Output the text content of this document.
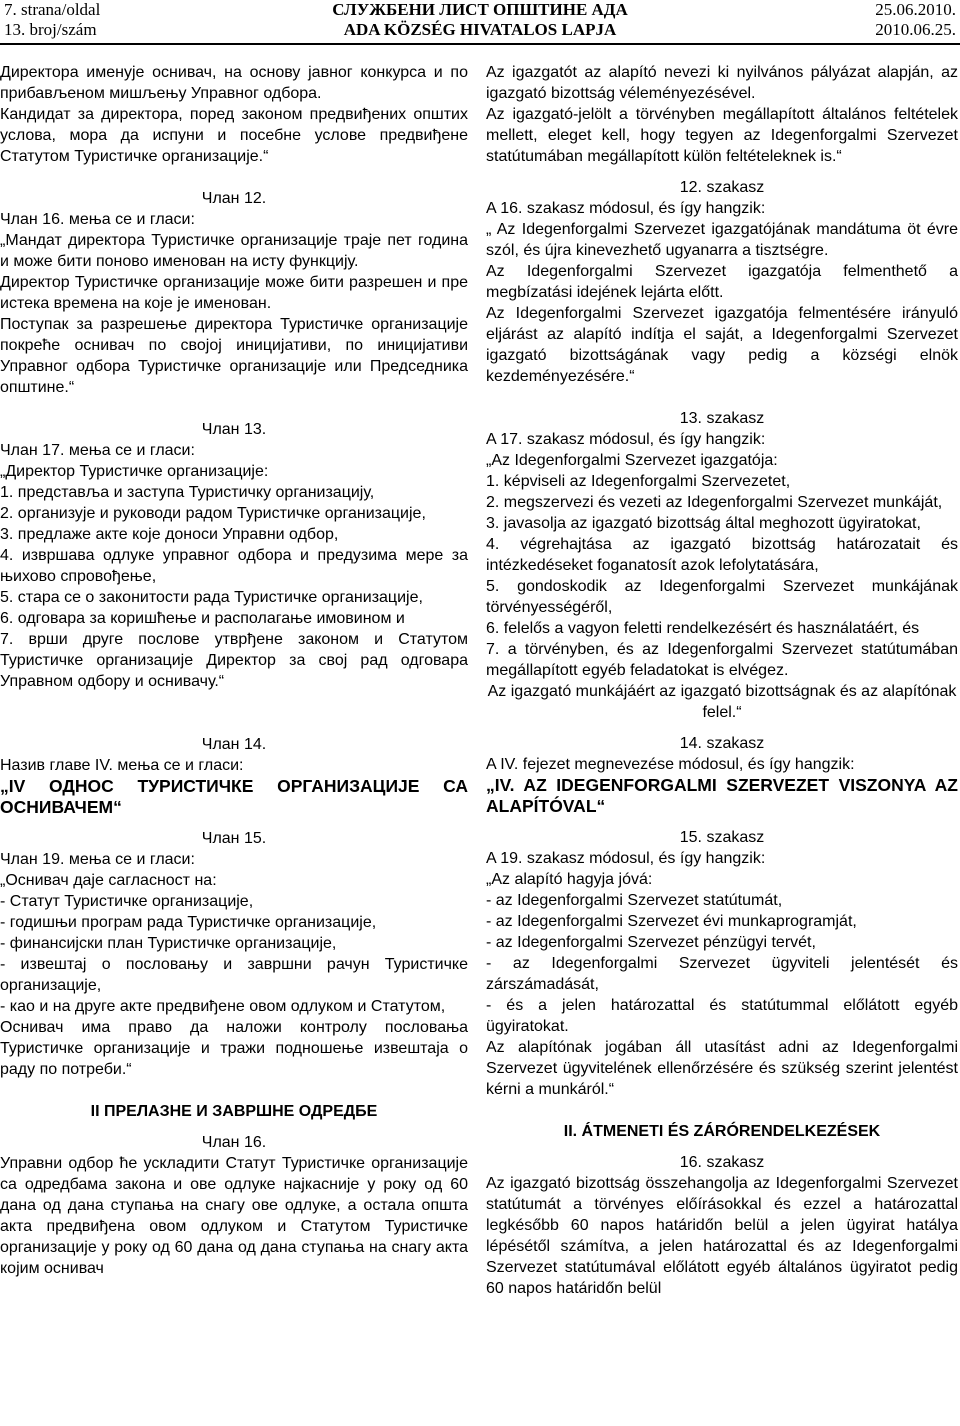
7. strana/oldal
13. broj/szám
СЛУЖБЕНИ ЛИСТ ОПШТИНЕ АДА
ADA KÖZSÉG HIVATALOS LAPJA
25.06.2010.
2010.06.25.

Директора именује оснивач, на основу јавног конкурса и по прибављеном мишљењу Управног одбора.

Кандидат за директора, поред законом предвиђених општих услова, мора да испуни и посебне услове предвиђене Статутом Туристичке организације.“

Члан 12.

Члан 16. мења се и гласи:

„Мандат директора Туристичке организације траје пет година и може бити поново именован на исту функцију.

Директор Туристичке организације може бити разрешен и пре истека времена на које је именован.

Поступак за разрешење директора Туристичке организације покреће оснивач по својој иницијативи, по иницијативи Управног одбора Туристичке организације или Председника општине.“

Члан 13.

Члан 17. мења се и гласи:

„Директор Туристичке организације:

1. представља и заступа Туристичку организацију,

2. организује и руководи радом Туристичке организације,

3. предлаже акте које доноси Управни одбор,

4. извршава одлуке управног одбора и предузима мере за њихово спровођење,

5. стара се о законитости рада Туристичке организације,

6. одговара за коришћење и располагање имовином и

7. врши друге послове утврђене законом и Статутом Туристичке организације Директор за свој рад одговара Управном одбору и оснивачу.“

Члан 14.

Назив главе IV. мења се и гласи:

„IV ОДНОС ТУРИСТИЧКЕ ОРГАНИЗАЦИЈЕ СА ОСНИВАЧЕМ“

Члан 15.

Члан 19. мења се и гласи:

„Оснивач даје сагласност на:

- Статут Туристичке организације,

- годишњи програм рада Туристичке организације,

- финансијски план Туристичке организације,

- извештај о пословању и завршни рачун Туристичке организације,

- као и на друге акте предвиђене овом одлуком и Статутом,

Оснивач има право да наложи контролу пословања Туристичке организације и тражи подношење извештаја о раду по потреби.“

II ПРЕЛАЗНЕ И ЗАВРШНЕ ОДРЕДБЕ

Члан 16.

Управни одбор ће ускладити Статут Туристичке организације са одредбама закона и ове одлуке најкасније у року од 60 дана од дана ступања на снагу ове одлуке, а остала општа акта предвиђена овом одлуком и Статутом Туристичке организације у року од 60 дана од дана ступања на снагу акта којим оснивач

Az igazgatót az alapító nevezi ki nyilvános pályázat alapján, az igazgató bizottság véleményezésével.

Az igazgató-jelölt a törvényben megállapított általános feltételek mellett, eleget kell, hogy tegyen az Idegenforgalmi Szervezet statútumában megállapított külön feltételeknek is.“

12. szakasz

A 16. szakasz módosul, és így hangzik:

„ Az Idegenforgalmi Szervezet igazgatójának mandátuma öt évre szól, és újra kinevezhető ugyanarra a tisztségre.

Az Idegenforgalmi Szervezet igazgatója felmenthető a megbízatási idejének lejárta előtt.

Az Idegenforgalmi Szervezet igazgatója felmentésére irányuló eljárást az alapító indítja el saját, a Idegenforgalmi Szervezet igazgató bizottságának vagy pedig a községi elnök kezdeményezésére.“

13. szakasz

A 17. szakasz módosul, és így hangzik:

„Az Idegenforgalmi Szervezet igazgatója:

1. képviseli az Idegenforgalmi Szervezetet,

2. megszervezi és vezeti az Idegenforgalmi Szervezet munkáját,

3. javasolja az igazgató bizottság által meghozott ügyiratokat,

4. végrehajtása az igazgató bizottság határozatait és intézkedéseket foganatosít azok lefolytatására,

5. gondoskodik az Idegenforgalmi Szervezet munkájának törvényességéről,

6. felelős a vagyon feletti rendelkezésért és használatáért, és

7. a törvényben, és az Idegenforgalmi Szervezet statútumában megállapított egyéb feladatokat is elvégez.

Az igazgató munkájáért az igazgató bizottságnak és az alapítónak felel.“

14. szakasz

A IV. fejezet megnevezése módosul, és így hangzik:

„IV. AZ IDEGENFORGALMI SZERVEZET VISZONYA AZ ALAPÍTÓVAL“

15. szakasz

A 19. szakasz módosul, és így hangzik:

„Az alapító hagyja jóvá:

- az Idegenforgalmi Szervezet statútumát,

- az Idegenforgalmi Szervezet évi munkaprogramját,

- az Idegenforgalmi Szervezet pénzügyi tervét,

- az Idegenforgalmi Szervezet ügyviteli jelentését és zárszámadását,

- és a jelen határozattal és statútummal előlátott egyéb ügyiratokat.

Az alapítónak jogában áll utasítást adni az Idegenforgalmi Szervezet ügyvitelének ellenőrzésére és szükség szerint jelentést kérni a munkáról.“

II. ÁTMENETI ÉS ZÁRÓRENDELKEZÉSEK

16. szakasz

Az igazgató bizottság összehangolja az Idegenforgalmi Szervezet statútumát a törvényes előírásokkal és ezzel a határozattal legkésőbb 60 napos határidőn belül a jelen ügyirat hatálya lépésétől számítva, a jelen határozattal és az Idegenforgalmi Szervezet statútumával előlátott egyéb általános ügyiratot pedig 60 napos határidőn belül
